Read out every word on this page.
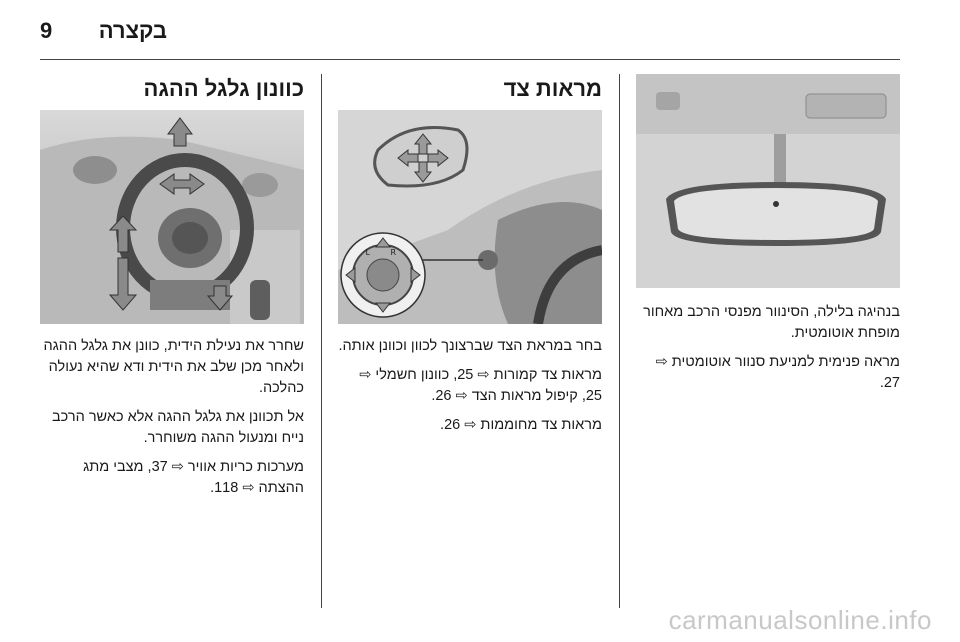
בקצרה
9
כוונון גלגל ההגה

שחרר את נעילת הידית, כוונן את גלגל ההגה ולאחר מכן שלב את הידית ודא שהיא נעולה כהלכה.

אל תכוונן את גלגל ההגה אלא כאשר הרכב נייח ומנעול ההגה משוחרר.

מערכות כריות אוויר ⇨ 37, מצבי מתג ההצתה ⇨ 118.

מראות צד
L	R

בחר במראת הצד שברצונך לכוון וכוונן אותה.

מראות צד קמורות ⇨ 25, כוונון חשמלי ⇨ 25, קיפול מראות הצד ⇨ 26.

מראות צד מחוממות ⇨ 26.

בנהיגה בלילה, הסינוור מפנסי הרכב מאחור מופחת אוטומטית.

מראה פנימית למניעת סנוור אוטומטית ⇨ 27.

carmanualsonline.info
